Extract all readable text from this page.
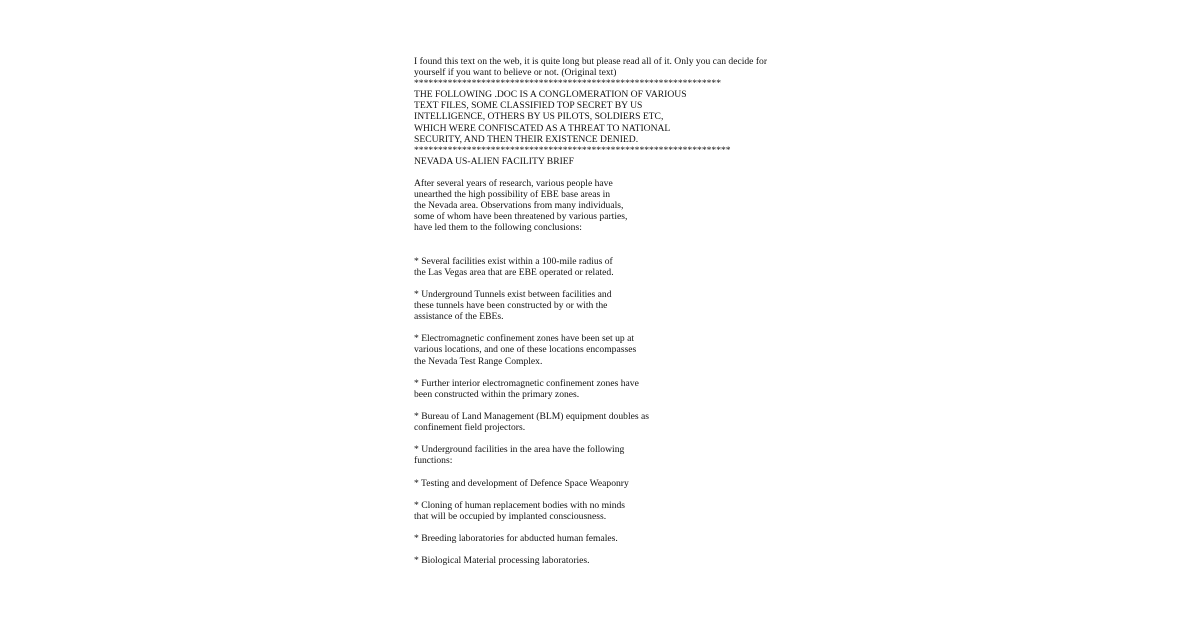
I found this text on the web, it is quite long but please read all of it. Only you can decide for
yourself if you want to believe or not. (Original text)
****************************************************************
THE FOLLOWING .DOC IS A CONGLOMERATION OF VARIOUS
TEXT FILES, SOME CLASSIFIED TOP SECRET BY US
INTELLIGENCE, OTHERS BY US PILOTS, SOLDIERS ETC,
WHICH WERE CONFISCATED AS A THREAT TO NATIONAL
SECURITY, AND THEN THEIR EXISTENCE DENIED.
******************************************************************
NEVADA US-ALIEN FACILITY BRIEF
After several years of research, various people have
unearthed the high possibility of EBE base areas in
the Nevada area. Observations from many individuals,
some of whom have been threatened by various parties,
have led them to the following conclusions:
* Several facilities exist within a 100-mile radius of
the Las Vegas area that are EBE operated or related.
* Underground Tunnels exist between facilities and
these tunnels have been constructed by or with the
assistance of the EBEs.
* Electromagnetic confinement zones have been set up at
various locations, and one of these locations encompasses
the Nevada Test Range Complex.
* Further interior electromagnetic confinement zones have
been constructed within the primary zones.
* Bureau of Land Management (BLM) equipment doubles as
confinement field projectors.
* Underground facilities in the area have the following
functions:
* Testing and development of Defence Space Weaponry
* Cloning of human replacement bodies with no minds
that will be occupied by implanted consciousness.
* Breeding laboratories for abducted human females.
* Biological Material processing laboratories.
